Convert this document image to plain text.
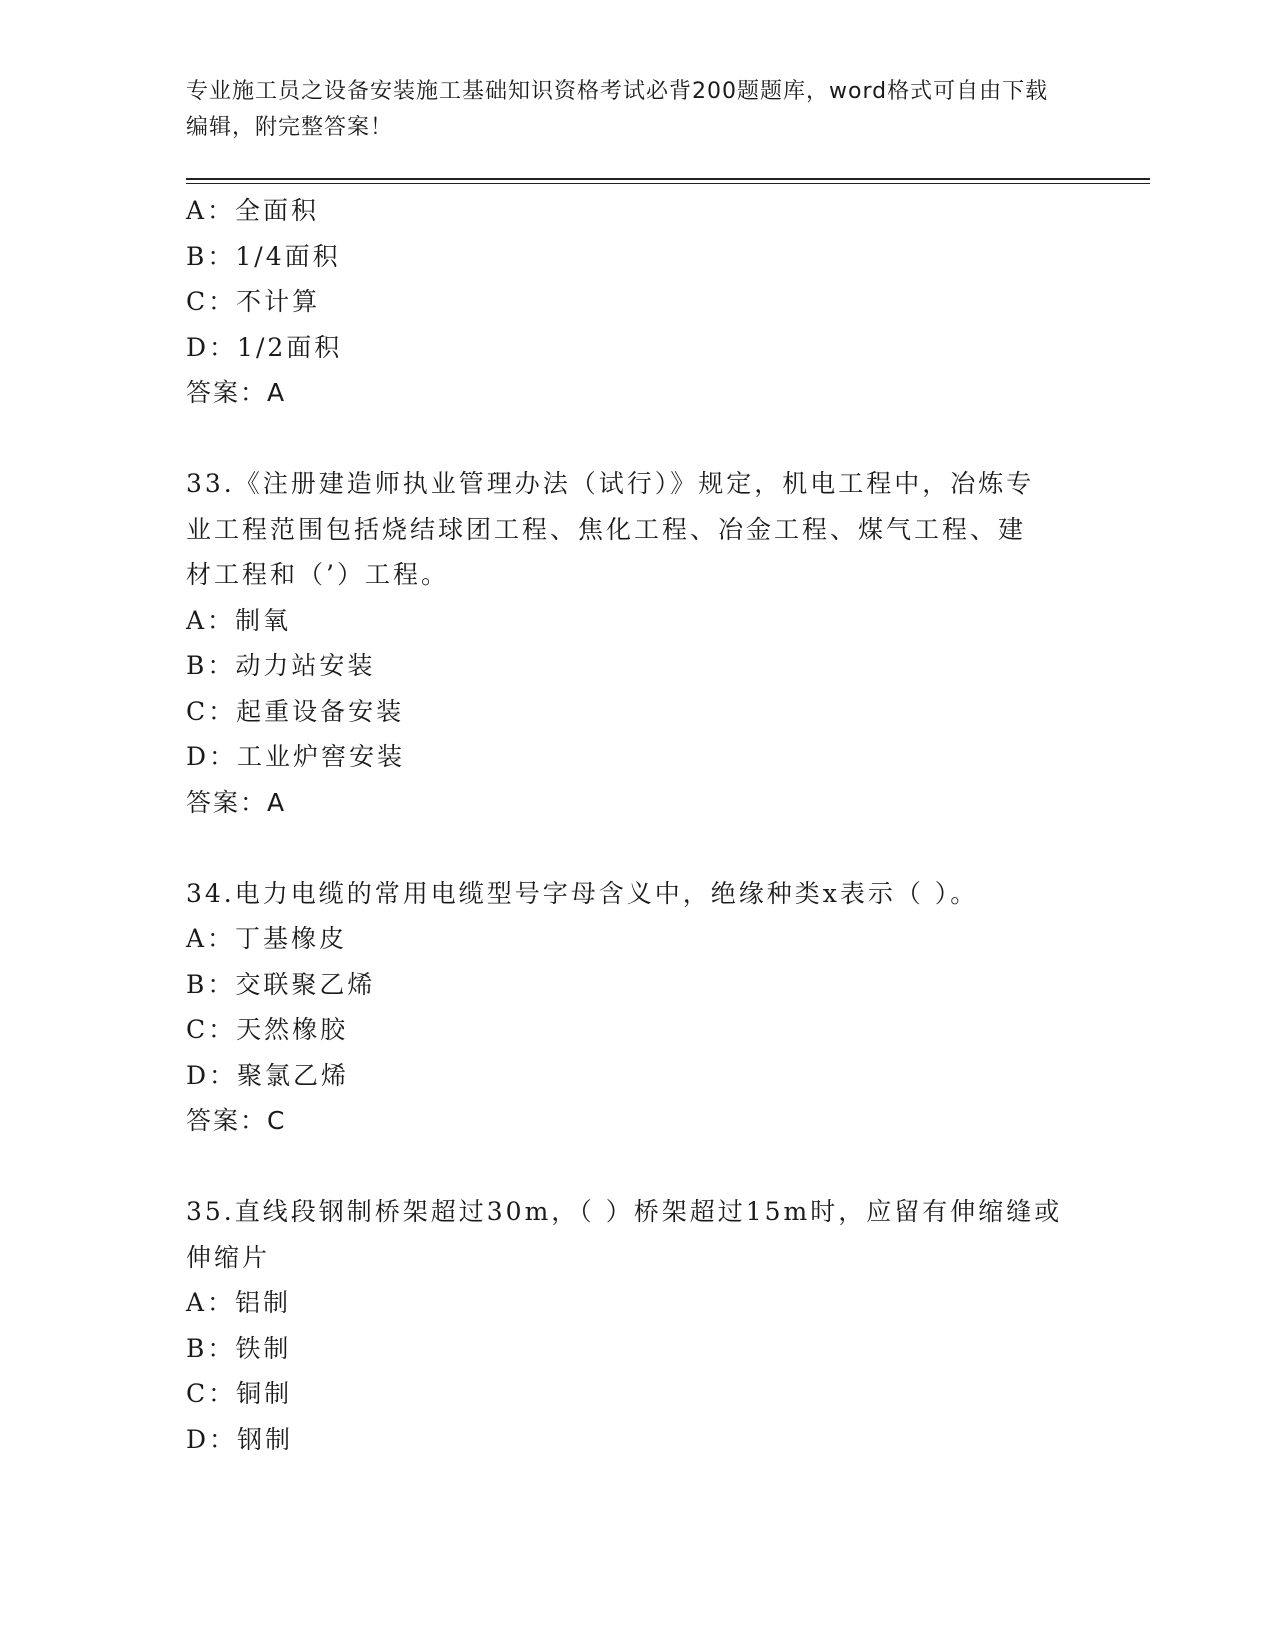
专业施工员之设备安装施工基础知识资格考试必背200题题库，word格式可自由下载编辑，附完整答案！
A：全面积
B：1/4面积
C：不计算
D：1/2面积
答案：A
33.《注册建造师执业管理办法（试行）》规定，机电工程中，冶炼专
业工程范围包括烧结球团工程、焦化工程、冶金工程、煤气工程、建
材工程和（’）工程。
A：制氧
B：动力站安装
C：起重设备安装
D：工业炉窖安装
答案：A
34.电力电缆的常用电缆型号字母含义中，绝缘种类x表示（ ）。
A：丁基橡皮
B：交联聚乙烯
C：天然橡胶
D：聚氯乙烯
答案：C
35.直线段钢制桥架超过30m，（ ）桥架超过15m时，应留有伸缩缝或
伸缩片
A：铝制
B：铁制
C：铜制
D：钢制
